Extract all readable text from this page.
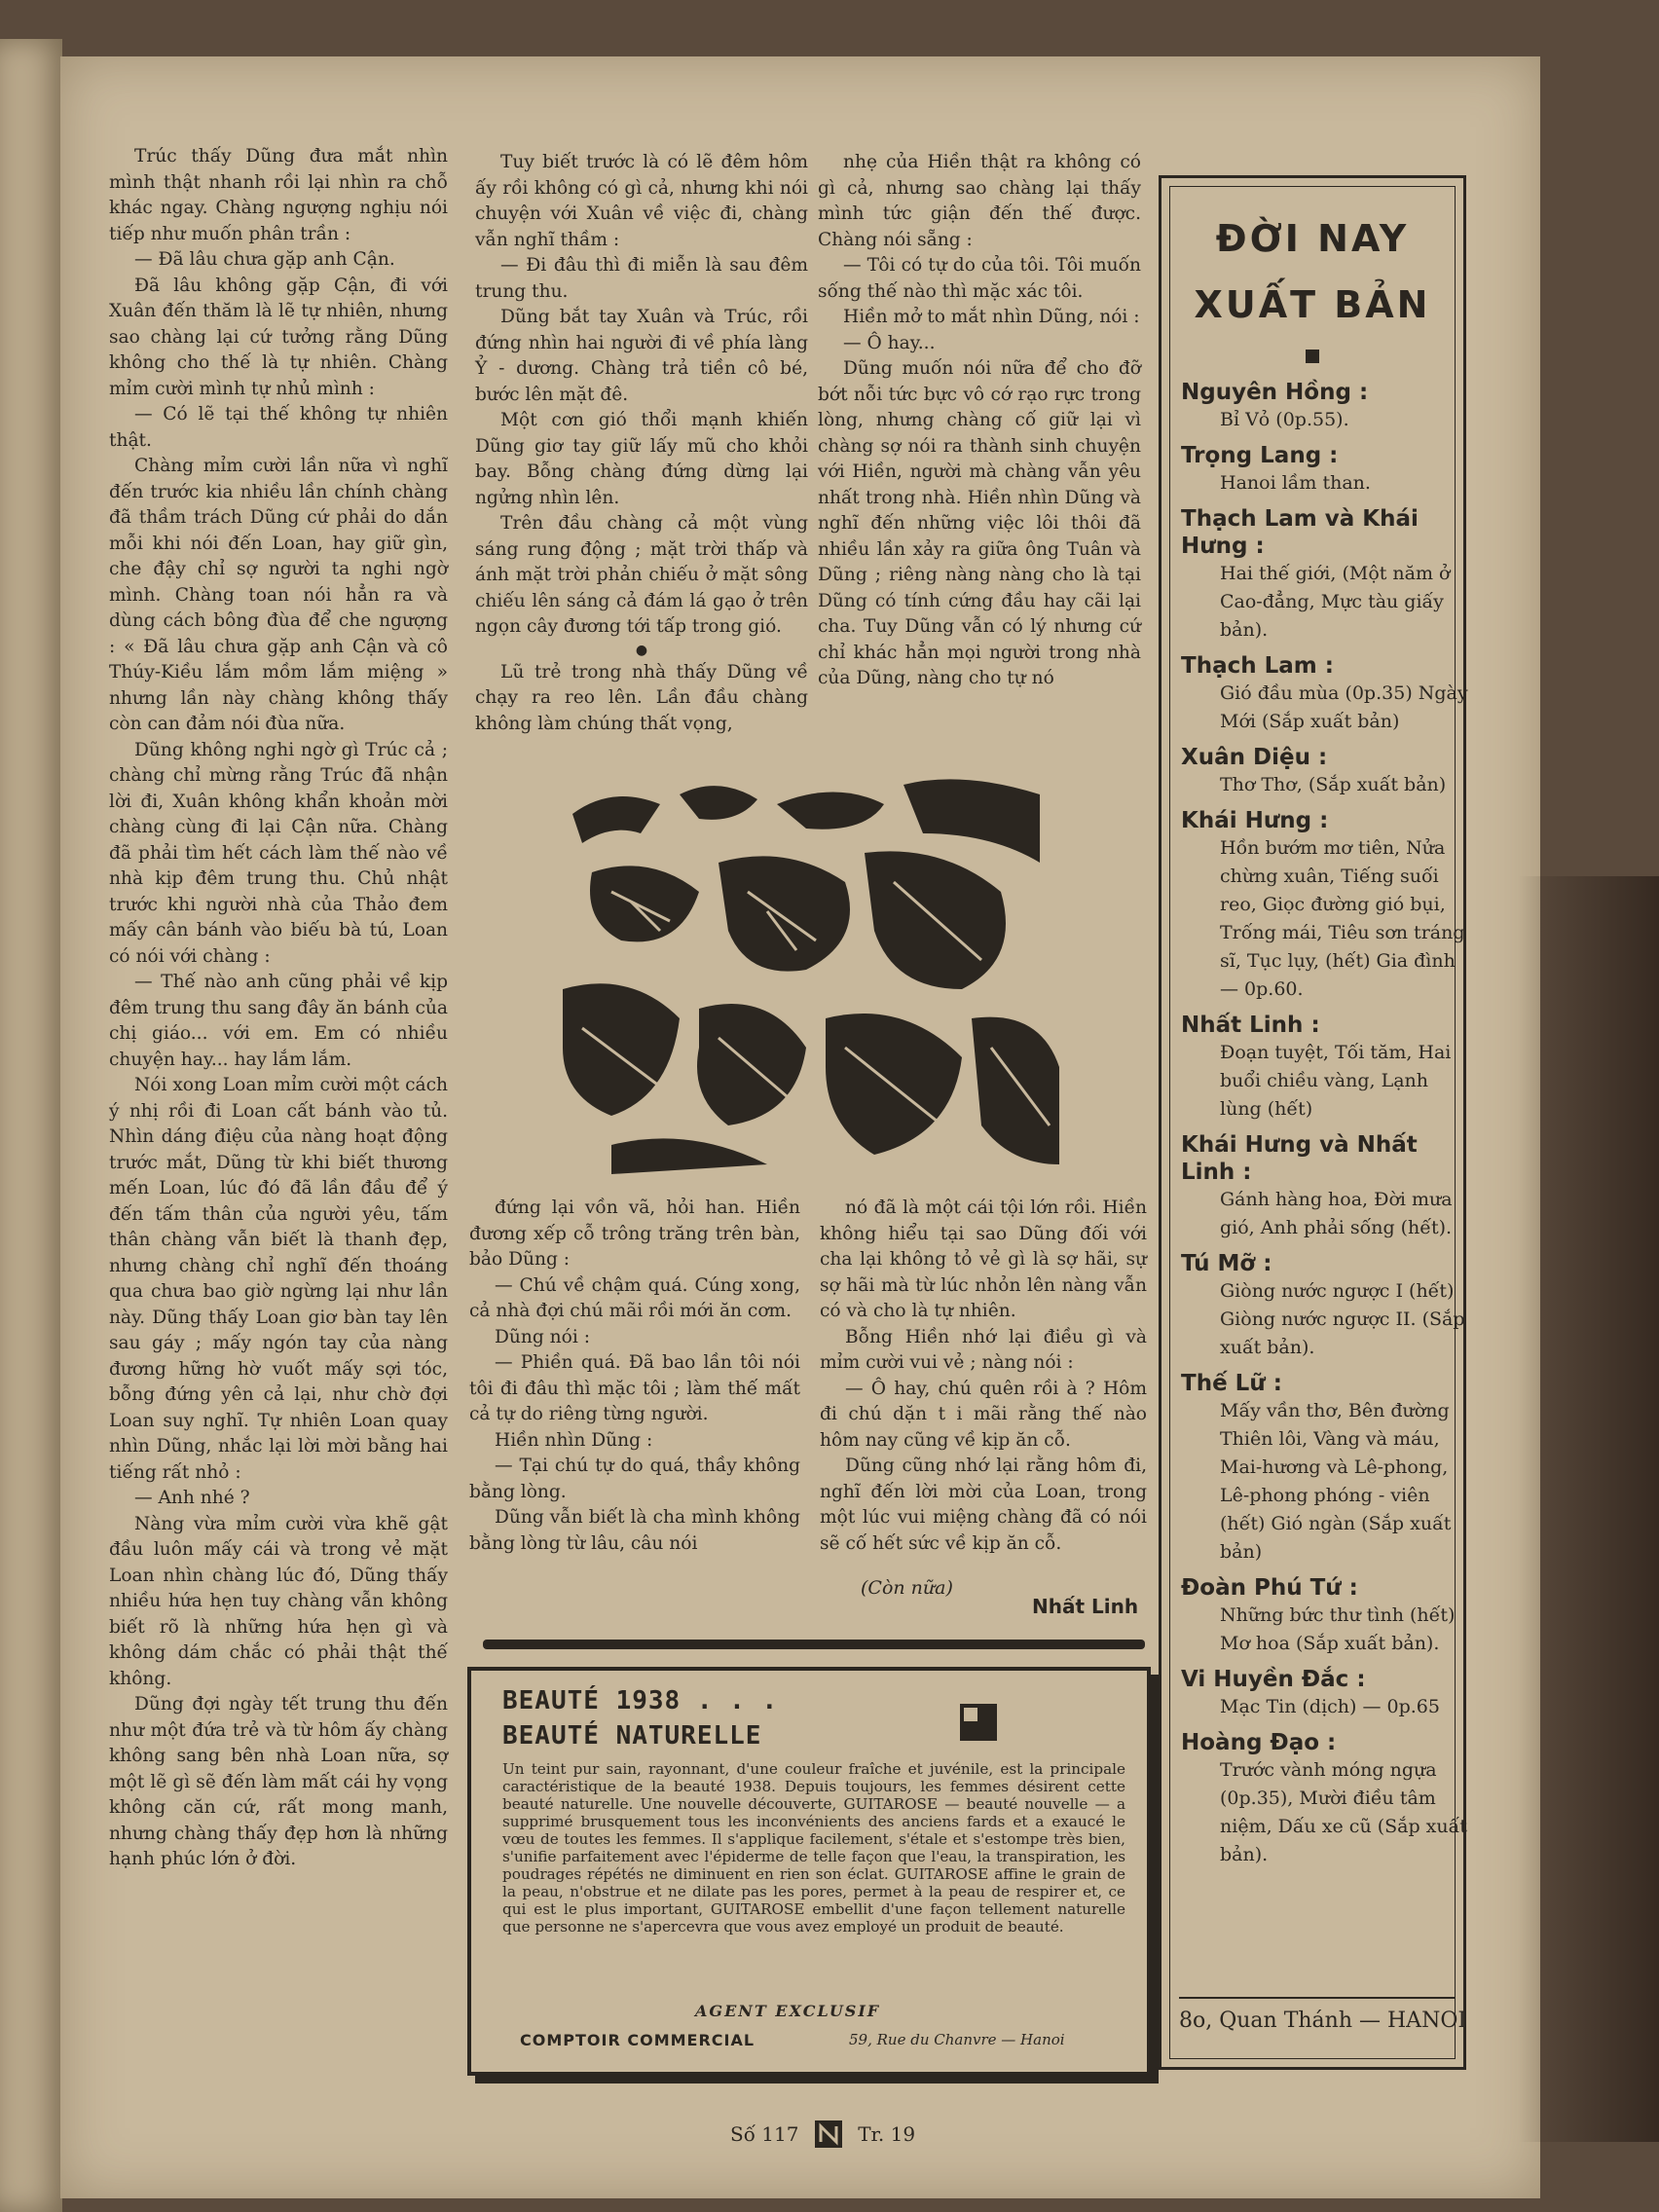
Trúc thấy Dũng đưa mắt nhìn mình thật nhanh rồi lại nhìn ra chỗ khác ngay. Chàng ngượng nghịu nói tiếp như muốn phân trần :

— Đã lâu chưa gặp anh Cận.

Đã lâu không gặp Cận, đi với Xuân đến thăm là lẽ tự nhiên, nhưng sao chàng lại cứ tưởng rằng Dũng không cho thế là tự nhiên. Chàng mỉm cười mình tự nhủ mình :

— Có lẽ tại thế không tự nhiên thật.

Chàng mỉm cười lần nữa vì nghĩ đến trước kia nhiều lần chính chàng đã thầm trách Dũng cứ phải do dắn mỗi khi nói đến Loan, hay giữ gìn, che đậy chỉ sợ người ta nghi ngờ mình. Chàng toan nói hẳn ra và dùng cách bông đùa để che ngượng : « Đã lâu chưa gặp anh Cận và cô Thúy-Kiều lắm mồm lắm miệng » nhưng lần này chàng không thấy còn can đảm nói đùa nữa.

Dũng không nghi ngờ gì Trúc cả ; chàng chỉ mừng rằng Trúc đã nhận lời đi, Xuân không khẩn khoản mời chàng cùng đi lại Cận nữa. Chàng đã phải tìm hết cách làm thế nào về nhà kịp đêm trung thu. Chủ nhật trước khi người nhà của Thảo đem mấy cân bánh vào biếu bà tú, Loan có nói với chàng :

— Thế nào anh cũng phải về kịp đêm trung thu sang đây ăn bánh của chị giáo... với em. Em có nhiều chuyện hay... hay lắm lắm.

Nói xong Loan mỉm cười một cách ý nhị rồi đi Loan cất bánh vào tủ. Nhìn dáng điệu của nàng hoạt động trước mắt, Dũng từ khi biết thương mến Loan, lúc đó đã lần đầu để ý đến tấm thân của người yêu, tấm thân chàng vẫn biết là thanh đẹp, nhưng chàng chỉ nghĩ đến thoáng qua chưa bao giờ ngừng lại như lần này. Dũng thấy Loan giơ bàn tay lên sau gáy ; mấy ngón tay của nàng đương hững hờ vuốt mấy sợi tóc, bỗng đứng yên cả lại, như chờ đợi Loan suy nghĩ. Tự nhiên Loan quay nhìn Dũng, nhắc lại lời mời bằng hai tiếng rất nhỏ :

— Anh nhé ?

Nàng vừa mỉm cười vừa khẽ gật đầu luôn mấy cái và trong vẻ mặt Loan nhìn chàng lúc đó, Dũng thấy nhiều hứa hẹn tuy chàng vẫn không biết rõ là những hứa hẹn gì và không dám chắc có phải thật thế không.

Dũng đợi ngày tết trung thu đến như một đứa trẻ và từ hôm ấy chàng không sang bên nhà Loan nữa, sợ một lẽ gì sẽ đến làm mất cái hy vọng không căn cứ, rất mong manh, nhưng chàng thấy đẹp hơn là những hạnh phúc lớn ở đời.

Tuy biết trước là có lẽ đêm hôm ấy rồi không có gì cả, nhưng khi nói chuyện với Xuân về việc đi, chàng vẫn nghĩ thầm :

— Đi đâu thì đi miễn là sau đêm trung thu.

Dũng bắt tay Xuân và Trúc, rồi đứng nhìn hai người đi về phía làng Ỷ - dương. Chàng trả tiền cô bé, bước lên mặt đê.

Một cơn gió thổi mạnh khiến Dũng giơ tay giữ lấy mũ cho khỏi bay. Bỗng chàng đứng dừng lại ngửng nhìn lên.

Trên đầu chàng cả một vùng sáng rung động ; mặt trời thấp và ánh mặt trời phản chiếu ở mặt sông chiếu lên sáng cả đám lá gạo ở trên ngọn cây đương tới tấp trong gió.

●

Lũ trẻ trong nhà thấy Dũng về chạy ra reo lên. Lần đầu chàng không làm chúng thất vọng,

nhẹ của Hiền thật ra không có gì cả, nhưng sao chàng lại thấy mình tức giận đến thế được. Chàng nói sẵng :

— Tôi có tự do của tôi. Tôi muốn sống thế nào thì mặc xác tôi.

Hiền mở to mắt nhìn Dũng, nói :

— Ô hay...

Dũng muốn nói nữa để cho đỡ bớt nỗi tức bực vô cớ rạo rực trong lòng, nhưng chàng cố giữ lại vì chàng sợ nói ra thành sinh chuyện với Hiền, người mà chàng vẫn yêu nhất trong nhà. Hiền nhìn Dũng và nghĩ đến những việc lôi thôi đã nhiều lần xảy ra giữa ông Tuân và Dũng ; riêng nàng nàng cho là tại Dũng có tính cứng đầu hay cãi lại cha. Tuy Dũng vẫn có lý nhưng cứ chỉ khác hẳn mọi người trong nhà của Dũng, nàng cho tự nó

đứng lại vồn vã, hỏi han. Hiền đương xếp cỗ trông trăng trên bàn, bảo Dũng :

— Chú về chậm quá. Cúng xong, cả nhà đợi chú mãi rồi mới ăn cơm.

Dũng nói :

— Phiền quá. Đã bao lần tôi nói tôi đi đâu thì mặc tôi ; làm thế mất cả tự do riêng từng người.

Hiền nhìn Dũng :

— Tại chú tự do quá, thầy không bằng lòng.

Dũng vẫn biết là cha mình không bằng lòng từ lâu, câu nói

nó đã là một cái tội lớn rồi. Hiền không hiểu tại sao Dũng đối với cha lại không tỏ vẻ gì là sợ hãi, sự sợ hãi mà từ lúc nhỏn lên nàng vẫn có và cho là tự nhiên.

Bỗng Hiền nhớ lại điều gì và mỉm cười vui vẻ ; nàng nói :

— Ô hay, chú quên rồi à ? Hôm đi chú dặn t i mãi rằng thế nào hôm nay cũng về kịp ăn cỗ.

Dũng cũng nhớ lại rằng hôm đi, nghĩ đến lời mời của Loan, trong một lúc vui miệng chàng đã có nói sẽ cố hết sức về kịp ăn cỗ.

(Còn nữa)
Nhất Linh
BEAUTÉ 1938 . . .
BEAUTÉ NATURELLE
Un teint pur sain, rayonnant, d'une couleur fraîche et juvénile, est la principale caractéristique de la beauté 1938. Depuis toujours, les femmes désirent cette beauté naturelle. Une nouvelle découverte, GUITAROSE — beauté nouvelle — a supprimé brusquement tous les inconvénients des anciens fards et a exaucé le vœu de toutes les femmes. Il s'applique facilement, s'étale et s'estompe très bien, s'unifie parfaitement avec l'épiderme de telle façon que l'eau, la transpiration, les poudrages répétés ne diminuent en rien son éclat. GUITAROSE affine le grain de la peau, n'obstrue et ne dilate pas les pores, permet à la peau de respirer et, ce qui est le plus important, GUITAROSE embellit d'une façon tellement naturelle que personne ne s'apercevra que vous avez employé un produit de beauté.
AGENT EXCLUSIF
COMPTOIR COMMERCIAL	59, Rue du Chanvre — Hanoi
ĐỜI NAY
XUẤT BẢN
Nguyên Hồng :
Bỉ Vỏ (0p.55).
Trọng Lang :
Hanoi lầm than.
Thạch Lam và Khái Hưng :
Hai thế giới, (Một năm ở Cao-đẳng, Mực tàu giấy bản).
Thạch Lam :
Gió đầu mùa (0p.35) Ngày Mới (Sắp xuất bản)
Xuân Diệu :
Thơ Thơ, (Sắp xuất bản)
Khái Hưng :
Hồn bướm mơ tiên, Nửa chừng xuân, Tiếng suối reo, Giọc đường gió bụi, Trống mái, Tiêu sơn tráng sĩ, Tục lụy, (hết) Gia đình — 0p.60.
Nhất Linh :
Đoạn tuyệt, Tối tăm, Hai buổi chiều vàng, Lạnh lùng (hết)
Khái Hưng và Nhất Linh :
Gánh hàng hoa, Đời mưa gió, Anh phải sống (hết).
Tú Mỡ :
Giòng nước ngược I (hết) Giòng nước ngược II. (Sắp xuất bản).
Thế Lữ :
Mấy vần thơ, Bên đường Thiên lôi, Vàng và máu, Mai-hương và Lê-phong, Lê-phong phóng - viên (hết) Gió ngàn (Sắp xuất bản)
Đoàn Phú Tứ :
Những bức thư tình (hết) Mơ hoa (Sắp xuất bản).
Vi Huyền Đắc :
Mạc Tin (dịch) — 0p.65
Hoàng Đạo :
Trước vành móng ngựa (0p.35), Mười điều tâm niệm, Dấu xe cũ (Sắp xuất bản).
8o, Quan Thánh — HANOI
Số 117	Tr. 19
